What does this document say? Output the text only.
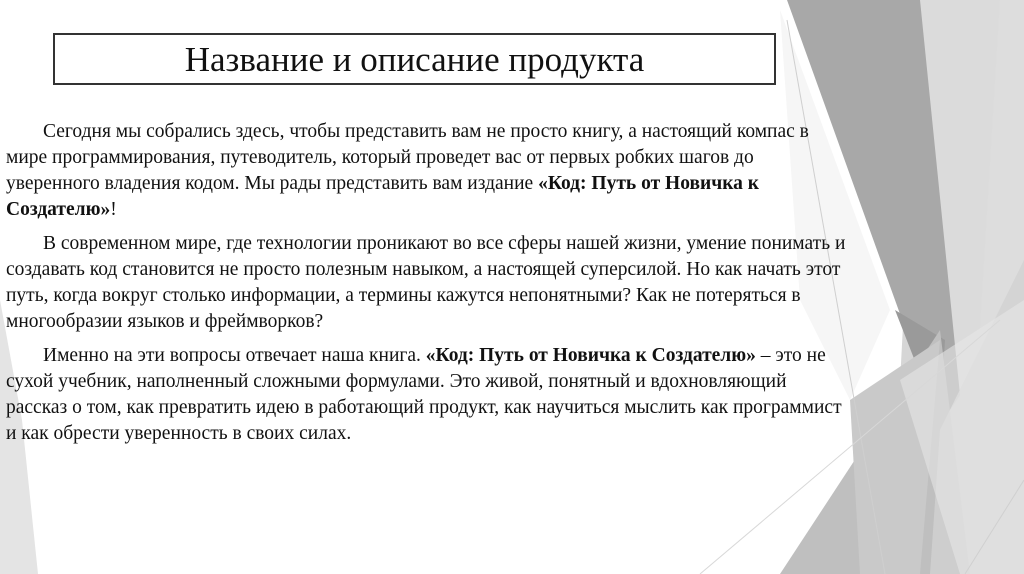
Название и описание продукта

Сегодня мы собрались здесь, чтобы представить вам не просто книгу, а настоящий компас в мире программирования, путеводитель, который проведет вас от первых робких шагов до уверенного владения кодом. Мы рады представить вам издание «Код: Путь от Новичка к Создателю»!

В современном мире, где технологии проникают во все сферы нашей жизни, умение понимать и создавать код становится не просто полезным навыком, а настоящей суперсилой. Но как начать этот путь, когда вокруг столько информации, а термины кажутся непонятными? Как не потеряться в многообразии языков и фреймворков?

Именно на эти вопросы отвечает наша книга. «Код: Путь от Новичка к Создателю» – это не сухой учебник, наполненный сложными формулами. Это живой, понятный и вдохновляющий рассказ о том, как превратить идею в работающий продукт, как научиться мыслить как программист и как обрести уверенность в своих силах.
